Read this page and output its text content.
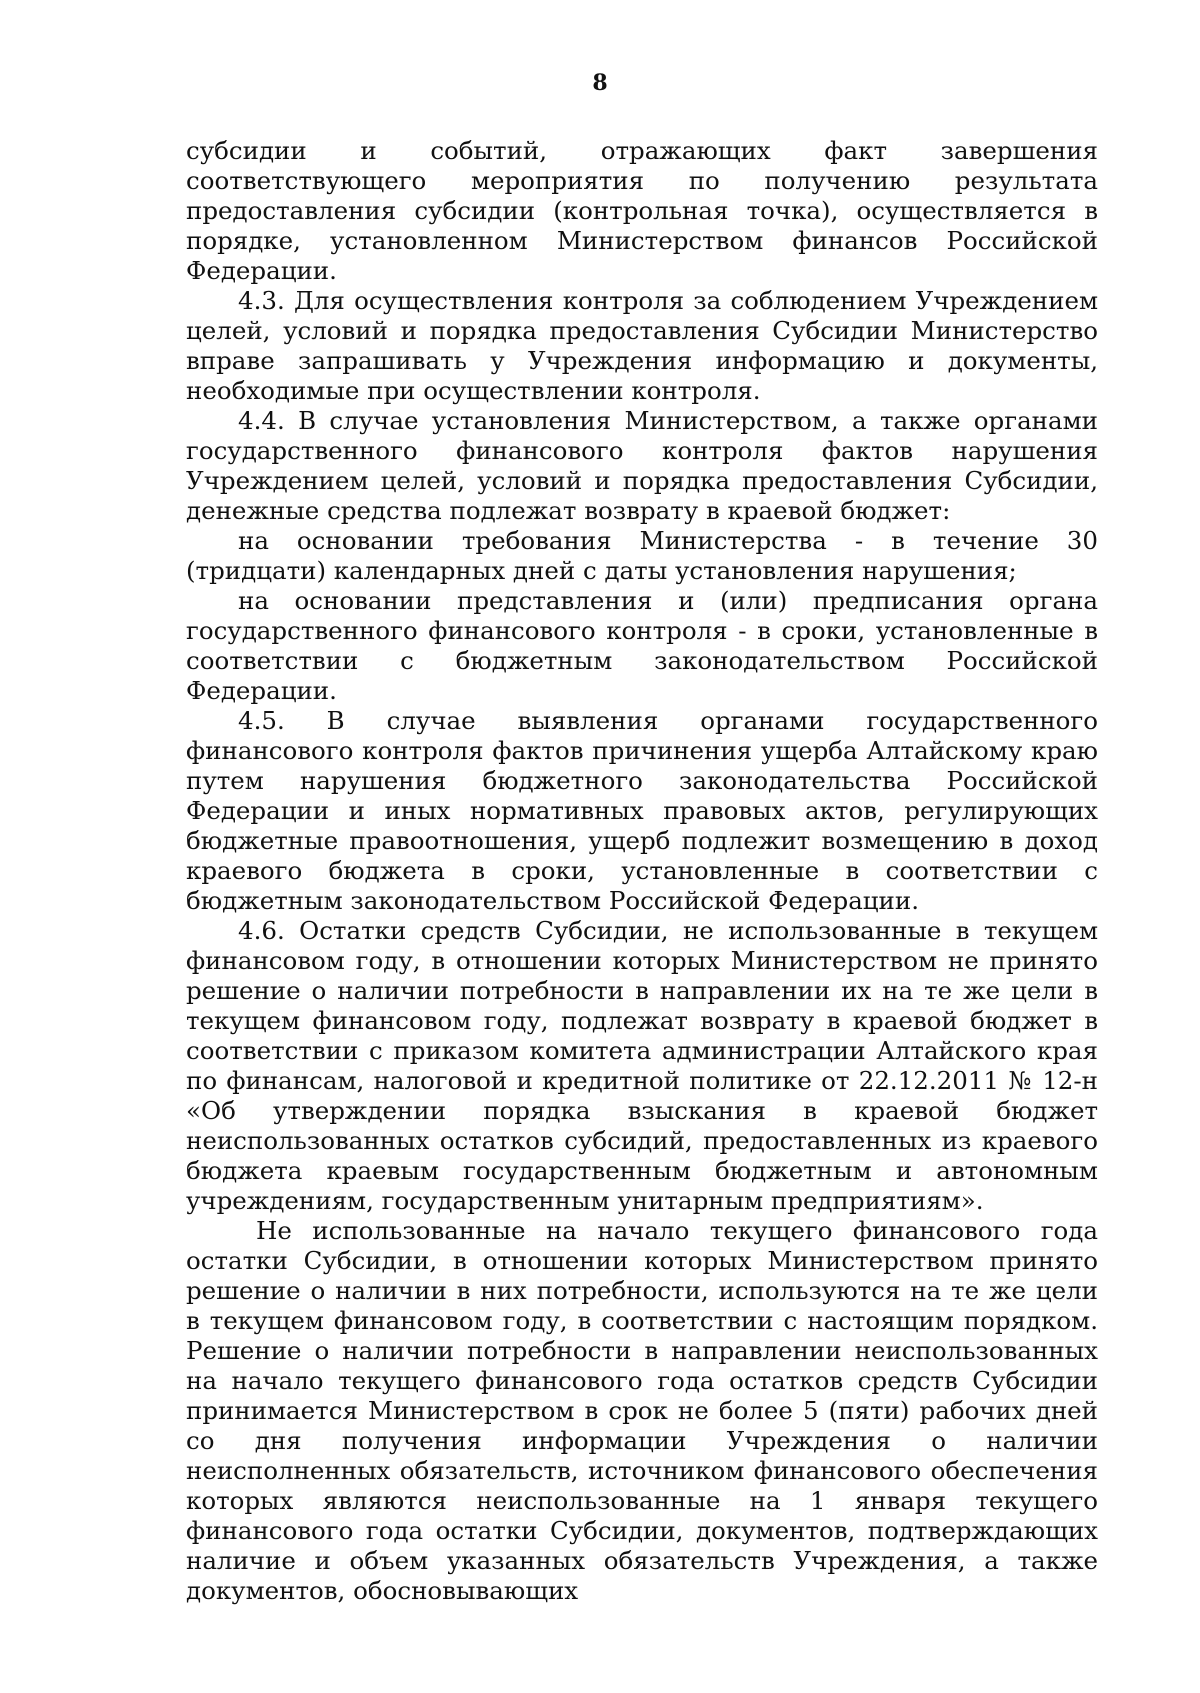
8

субсидии и событий, отражающих факт завершения соответствующего мероприятия по получению результата предоставления субсидии (контрольная точка), осуществляется в порядке, установленном Министерством финансов Российской Федерации.

4.3. Для осуществления контроля за соблюдением Учреждением целей, условий и порядка предоставления Субсидии Министерство вправе запрашивать у Учреждения информацию и документы, необходимые при осуществлении контроля.

4.4. В случае установления Министерством, а также органами государственного финансового контроля фактов нарушения Учреждением целей, условий и порядка предоставления Субсидии, денежные средства подлежат возврату в краевой бюджет:

на основании требования Министерства - в течение 30 (тридцати) календарных дней с даты установления нарушения;

на основании представления и (или) предписания органа государственного финансового контроля - в сроки, установленные в соответствии с бюджетным законодательством Российской Федерации.

4.5. В случае выявления органами государственного финансового контроля фактов причинения ущерба Алтайскому краю путем нарушения бюджетного законодательства Российской Федерации и иных нормативных правовых актов, регулирующих бюджетные правоотношения, ущерб подлежит возмещению в доход краевого бюджета в сроки, установленные в соответствии с бюджетным законодательством Российской Федерации.

4.6. Остатки средств Субсидии, не использованные в текущем финансовом году, в отношении которых Министерством не принято решение о наличии потребности в направлении их на те же цели в текущем финансовом году, подлежат возврату в краевой бюджет в соответствии с приказом комитета администрации Алтайского края по финансам, налоговой и кредитной политике от 22.12.2011 № 12-н «Об утверждении порядка взыскания в краевой бюджет неиспользованных остатков субсидий, предоставленных из краевого бюджета краевым государственным бюджетным и автономным учреждениям, государственным унитарным предприятиям».

Не использованные на начало текущего финансового года остатки Субсидии, в отношении которых Министерством принято решение о наличии в них потребности, используются на те же цели в текущем финансовом году, в соответствии с настоящим порядком. Решение о наличии потребности в направлении неиспользованных на начало текущего финансового года остатков средств Субсидии принимается Министерством в срок не более 5 (пяти) рабочих дней со дня получения информации Учреждения о наличии неисполненных обязательств, источником финансового обеспечения которых являются неиспользованные на 1 января текущего финансового года остатки Субсидии, документов, подтверждающих наличие и объем указанных обязательств Учреждения, а также документов, обосновывающих
